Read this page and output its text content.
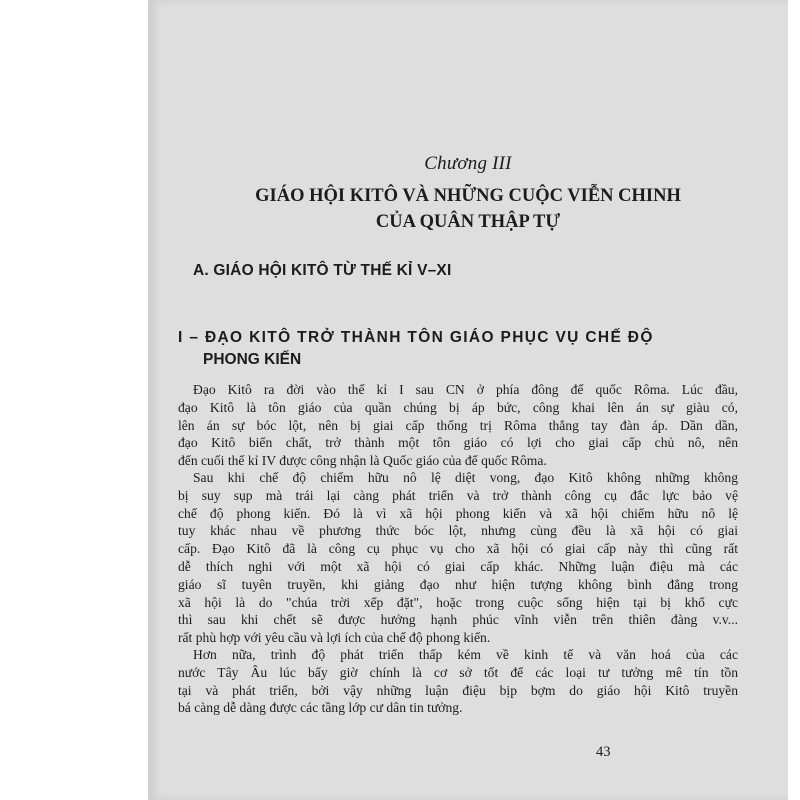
Chương III
GIÁO HỘI KITÔ VÀ NHỮNG CUỘC VIỄN CHINH
CỦA QUÂN THẬP TỰ
A. GIÁO HỘI KITÔ TỪ THẾ KỈ V–XI
I – ĐẠO KITÔ TRỞ THÀNH TÔN GIÁO PHỤC VỤ CHẾ ĐỘ
PHONG KIẾN
Đạo Kitô ra đời vào thế kỉ I sau CN ở phía đông đế quốc Rôma. Lúc đầu,
đạo Kitô là tôn giáo của quần chúng bị áp bức, công khai lên án sự giàu có,
lên án sự bóc lột, nên bị giai cấp thống trị Rôma thẳng tay đàn áp. Dần dần,
đạo Kitô biến chất, trở thành một tôn giáo có lợi cho giai cấp chủ nô, nên
đến cuối thế kỉ IV được công nhận là Quốc giáo của đế quốc Rôma.
Sau khi chế độ chiếm hữu nô lệ diệt vong, đạo Kitô không những không
bị suy sụp mà trái lại càng phát triển và trở thành công cụ đắc lực bảo vệ
chế độ phong kiến. Đó là vì xã hội phong kiến và xã hội chiếm hữu nô lệ
tuy khác nhau về phương thức bóc lột, nhưng cùng đều là xã hội có giai
cấp. Đạo Kitô đã là công cụ phục vụ cho xã hội có giai cấp này thì cũng rất
dễ thích nghi với một xã hội có giai cấp khác. Những luận điệu mà các
giáo sĩ tuyên truyền, khi giảng đạo như hiện tượng không bình đẳng trong
xã hội là do "chúa trời xếp đặt", hoặc trong cuộc sống hiện tại bị khổ cực
thì sau khi chết sẽ được hưởng hạnh phúc vĩnh viễn trên thiên đàng v.v...
rất phù hợp với yêu cầu và lợi ích của chế độ phong kiến.
Hơn nữa, trình độ phát triển thấp kém về kinh tế và văn hoá của các
nước Tây Âu lúc bấy giờ chính là cơ sở tốt để các loại tư tưởng mê tín tồn
tại và phát triển, bởi vậy những luận điệu bịp bợm do giáo hội Kitô truyền
bá càng dễ dàng được các tầng lớp cư dân tin tưởng.
43
